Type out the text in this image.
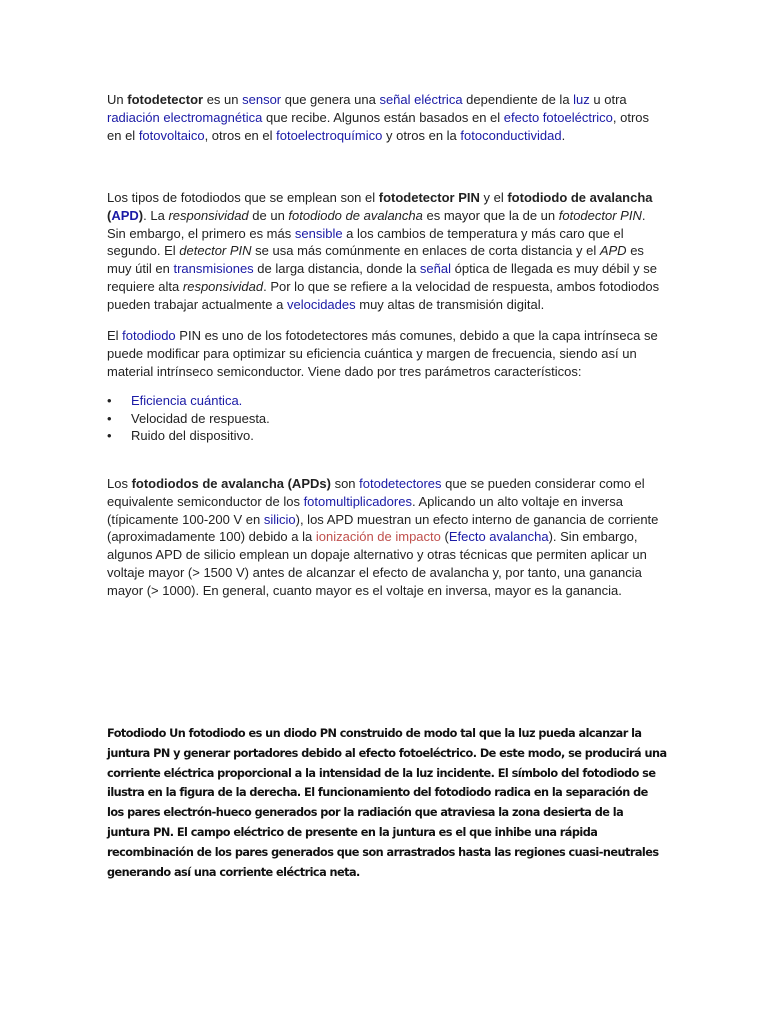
Un fotodetector es un sensor que genera una señal eléctrica dependiente de la luz u otra radiación electromagnética que recibe. Algunos están basados en el efecto fotoeléctrico, otros en el fotovoltaico, otros en el fotoelectroquímico y otros en la fotoconductividad.

Los tipos de fotodiodos que se emplean son el fotodetector PIN y el fotodiodo de avalancha (APD). La responsividad de un fotodiodo de avalancha es mayor que la de un fotodector PIN. Sin embargo, el primero es más sensible a los cambios de temperatura y más caro que el segundo. El detector PIN se usa más comúnmente en enlaces de corta distancia y el APD es muy útil en transmisiones de larga distancia, donde la señal óptica de llegada es muy débil y se requiere alta responsividad. Por lo que se refiere a la velocidad de respuesta, ambos fotodiodos pueden trabajar actualmente a velocidades muy altas de transmisión digital.

El fotodiodo PIN es uno de los fotodetectores más comunes, debido a que la capa intrínseca se puede modificar para optimizar su eficiencia cuántica y margen de frecuencia, siendo así un material intrínseco semiconductor. Viene dado por tres parámetros característicos:

• Eficiencia cuántica.
• Velocidad de respuesta.
• Ruido del dispositivo.

Los fotodiodos de avalancha (APDs) son fotodetectores que se pueden considerar como el equivalente semiconductor de los fotomultiplicadores. Aplicando un alto voltaje en inversa (típicamente 100-200 V en silicio), los APD muestran un efecto interno de ganancia de corriente (aproximadamente 100) debido a la ionización de impacto (Efecto avalancha). Sin embargo, algunos APD de silicio emplean un dopaje alternativo y otras técnicas que permiten aplicar un voltaje mayor (> 1500 V) antes de alcanzar el efecto de avalancha y, por tanto, una ganancia mayor (> 1000). En general, cuanto mayor es el voltaje en inversa, mayor es la ganancia.

Fotodiodo Un fotodiodo es un diodo PN construido de modo tal que la luz pueda alcanzar la juntura PN y generar portadores debido al efecto fotoeléctrico. De este modo, se producirá una corriente eléctrica proporcional a la intensidad de la luz incidente. El símbolo del fotodiodo se ilustra en la figura de la derecha. El funcionamiento del fotodiodo radica en la separación de los pares electrón-hueco generados por la radiación que atraviesa la zona desierta de la juntura PN. El campo eléctrico de presente en la juntura es el que inhibe una rápida recombinación de los pares generados que son arrastrados hasta las regiones cuasi-neutrales generando así una corriente eléctrica neta.
